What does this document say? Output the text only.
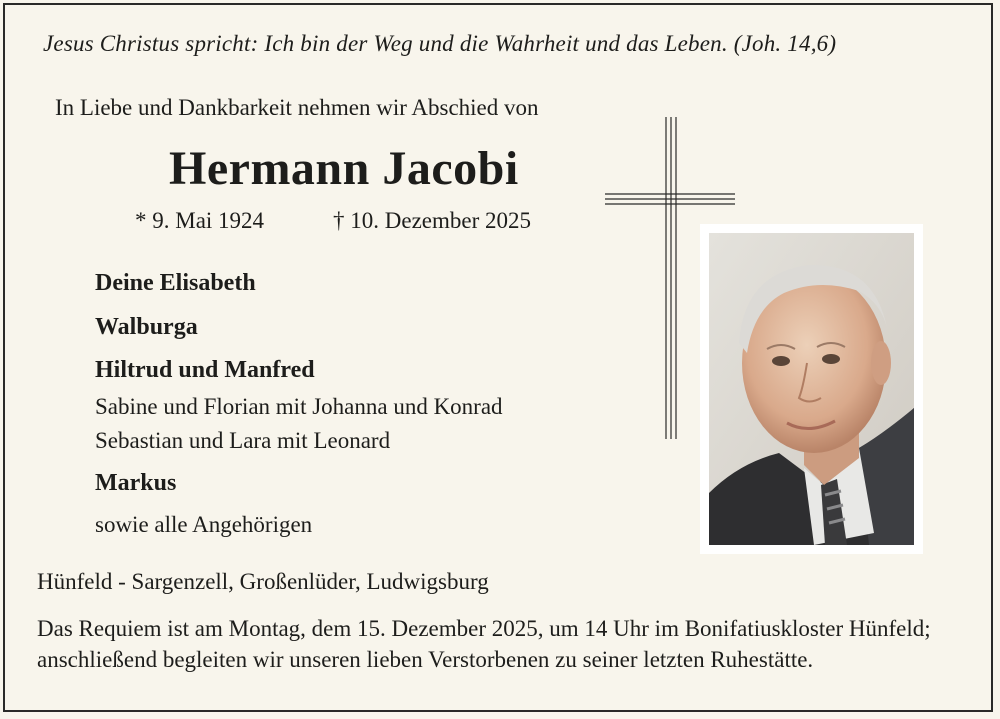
Jesus Christus spricht: Ich bin der Weg und die Wahrheit und das Leben. (Joh. 14,6)
In Liebe und Dankbarkeit nehmen wir Abschied von
Hermann Jacobi
* 9. Mai 1924	† 10. Dezember 2025
Deine Elisabeth
Walburga
Hiltrud und Manfred
Sabine und Florian mit Johanna und Konrad
Sebastian und Lara mit Leonard
Markus
sowie alle Angehörigen
Hünfeld - Sargenzell, Großenlüder, Ludwigsburg
Das Requiem ist am Montag, dem 15. Dezember 2025, um 14 Uhr im Bonifatiuskloster Hünfeld; anschließend begleiten wir unseren lieben Verstorbenen zu seiner letzten Ruhestätte.
